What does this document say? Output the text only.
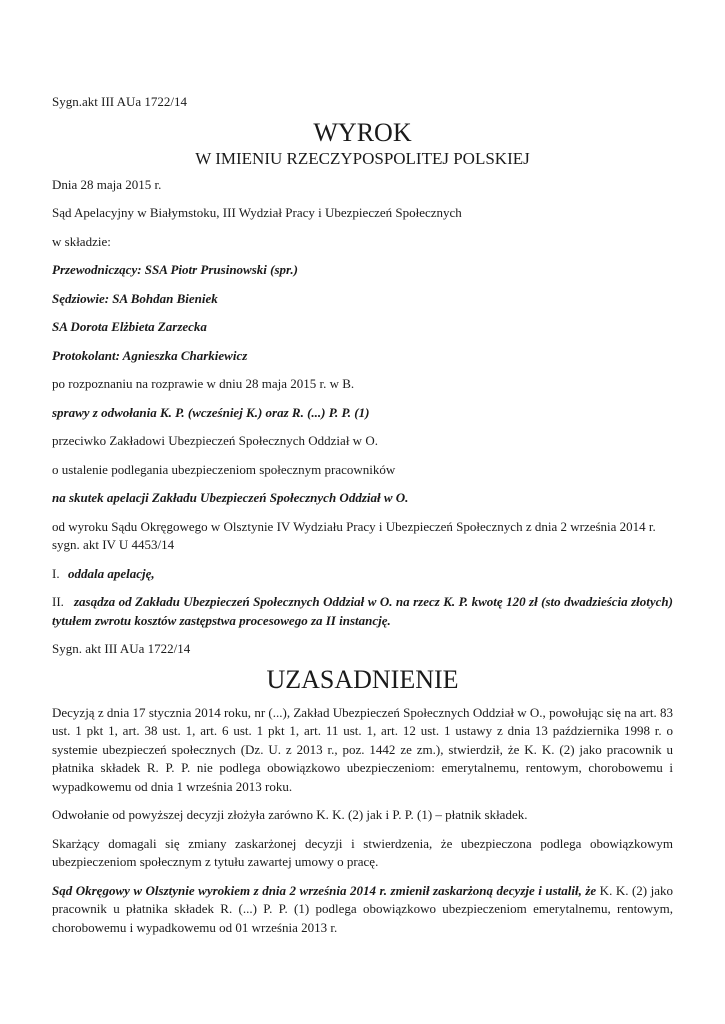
Sygn.akt III AUa 1722/14

WYROK

W IMIENIU RZECZYPOSPOLITEJ POLSKIEJ

Dnia 28 maja 2015 r.

Sąd Apelacyjny w Białymstoku, III Wydział Pracy i Ubezpieczeń Społecznych

w składzie:

Przewodniczący: SSA Piotr Prusinowski (spr.)

Sędziowie: SA Bohdan Bieniek

SA Dorota Elżbieta Zarzecka

Protokolant: Agnieszka Charkiewicz

po rozpoznaniu na rozprawie w dniu 28 maja 2015 r. w B.

sprawy z odwołania K. P. (wcześniej K.) oraz R. (...) P. P. (1)

przeciwko Zakładowi Ubezpieczeń Społecznych Oddział w O.

o ustalenie podlegania ubezpieczeniom społecznym pracowników

na skutek apelacji Zakładu Ubezpieczeń Społecznych Oddział w O.

od wyroku Sądu Okręgowego w Olsztynie IV Wydziału Pracy i Ubezpieczeń Społecznych z dnia 2 września 2014 r. sygn. akt IV U 4453/14

I. oddala apelację,

II. zasądza od Zakładu Ubezpieczeń Społecznych Oddział w O. na rzecz K. P. kwotę 120 zł (sto dwadzieścia złotych) tytułem zwrotu kosztów zastępstwa procesowego za II instancję.

Sygn. akt III AUa 1722/14

UZASADNIENIE

Decyzją z dnia 17 stycznia 2014 roku, nr (...), Zakład Ubezpieczeń Społecznych Oddział w O., powołując się na art. 83 ust. 1 pkt 1, art. 38 ust. 1, art. 6 ust. 1 pkt 1, art. 11 ust. 1, art. 12 ust. 1 ustawy z dnia 13 października 1998 r. o systemie ubezpieczeń społecznych (Dz. U. z 2013 r., poz. 1442 ze zm.), stwierdził, że K. K. (2) jako pracownik u płatnika składek R. P. P. nie podlega obowiązkowo ubezpieczeniom: emerytalnemu, rentowym, chorobowemu i wypadkowemu od dnia 1 września 2013 roku.

Odwołanie od powyższej decyzji złożyła zarówno K. K. (2) jak i P. P. (1) – płatnik składek.

Skarżący domagali się zmiany zaskarżonej decyzji i stwierdzenia, że ubezpieczona podlega obowiązkowym ubezpieczeniom społecznym z tytułu zawartej umowy o pracę.

Sąd Okręgowy w Olsztynie wyrokiem z dnia 2 września 2014 r. zmienił zaskarżoną decyzje i ustalił, że K. K. (2) jako pracownik u płatnika składek R. (...) P. P. (1) podlega obowiązkowo ubezpieczeniom emerytalnemu, rentowym, chorobowemu i wypadkowemu od 01 września 2013 r.
